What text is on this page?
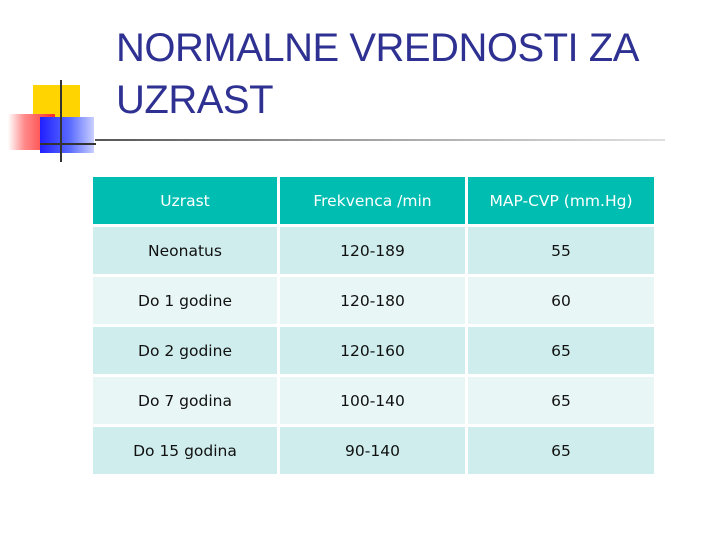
NORMALNE VREDNOSTI ZA UZRAST
Uzrast	Frekvenca /min	MAP-CVP (mm.Hg)
Neonatus	120-189	55
Do 1 godine	120-180	60
Do 2 godine	120-160	65
Do 7 godina	100-140	65
Do 15 godina	90-140	65
